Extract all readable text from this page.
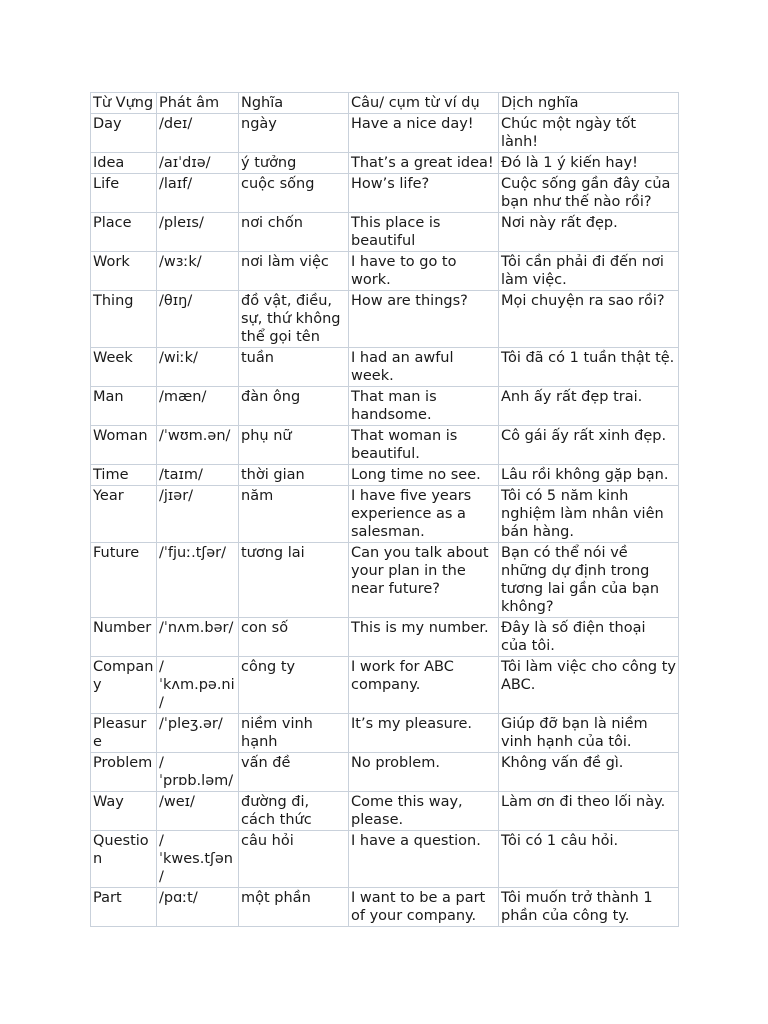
Từ Vựng	Phát âm	Nghĩa	Câu/ cụm từ ví dụ	Dịch nghĩa
Day	/deɪ/	ngày	Have a nice day!	Chúc một ngày tốt lành!
Idea	/aɪˈdɪə/	ý tưởng	That’s a great idea!	Đó là 1 ý kiến hay!
Life	/laɪf/	cuộc sống	How’s life?	Cuộc sống gần đây của bạn như thế nào rồi?
Place	/pleɪs/	nơi chốn	This place is beautiful	Nơi này rất đẹp.
Work	/wɜːk/	nơi làm việc	I have to go to work.	Tôi cần phải đi đến nơi làm việc.
Thing	/θɪŋ/	đồ vật, điều, sự, thứ không thể gọi tên	How are things?	Mọi chuyện ra sao rồi?
Week	/wiːk/	tuần	I had an awful week.	Tôi đã có 1 tuần thật tệ.
Man	/mæn/	đàn ông	That man is handsome.	Anh ấy rất đẹp trai.
Woman	/ˈwʊm.ən/	phụ nữ	That woman is beautiful.	Cô gái ấy rất xinh đẹp.
Time	/taɪm/	thời gian	Long time no see.	Lâu rồi không gặp bạn.
Year	/jɪər/	năm	I have five years experience as a salesman.	Tôi có 5 năm kinh nghiệm làm nhân viên bán hàng.
Future	/ˈfjuː.tʃər/	tương lai	Can you talk about your plan in the near future?	Bạn có thể nói về những dự định trong tương lai gần của bạn không?
Number	/ˈnʌm.bər/	con số	This is my number.	Đây là số điện thoại của tôi.
Company	/ˈkʌm.pə.ni/	công ty	I work for ABC company.	Tôi làm việc cho công ty ABC.
Pleasure	/ˈpleʒ.ər/	niềm vinh hạnh	It’s my pleasure.	Giúp đỡ bạn là niềm vinh hạnh của tôi.
Problem	/ˈprɒb.ləm/	vấn đề	No problem.	Không vấn đề gì.
Way	/weɪ/	đường đi, cách thức	Come this way, please.	Làm ơn đi theo lối này.
Question	/ˈkwes.tʃən/	câu hỏi	I have a question.	Tôi có 1 câu hỏi.
Part	/pɑːt/	một phần	I want to be a part of your company.	Tôi muốn trở thành 1 phần của công ty.
